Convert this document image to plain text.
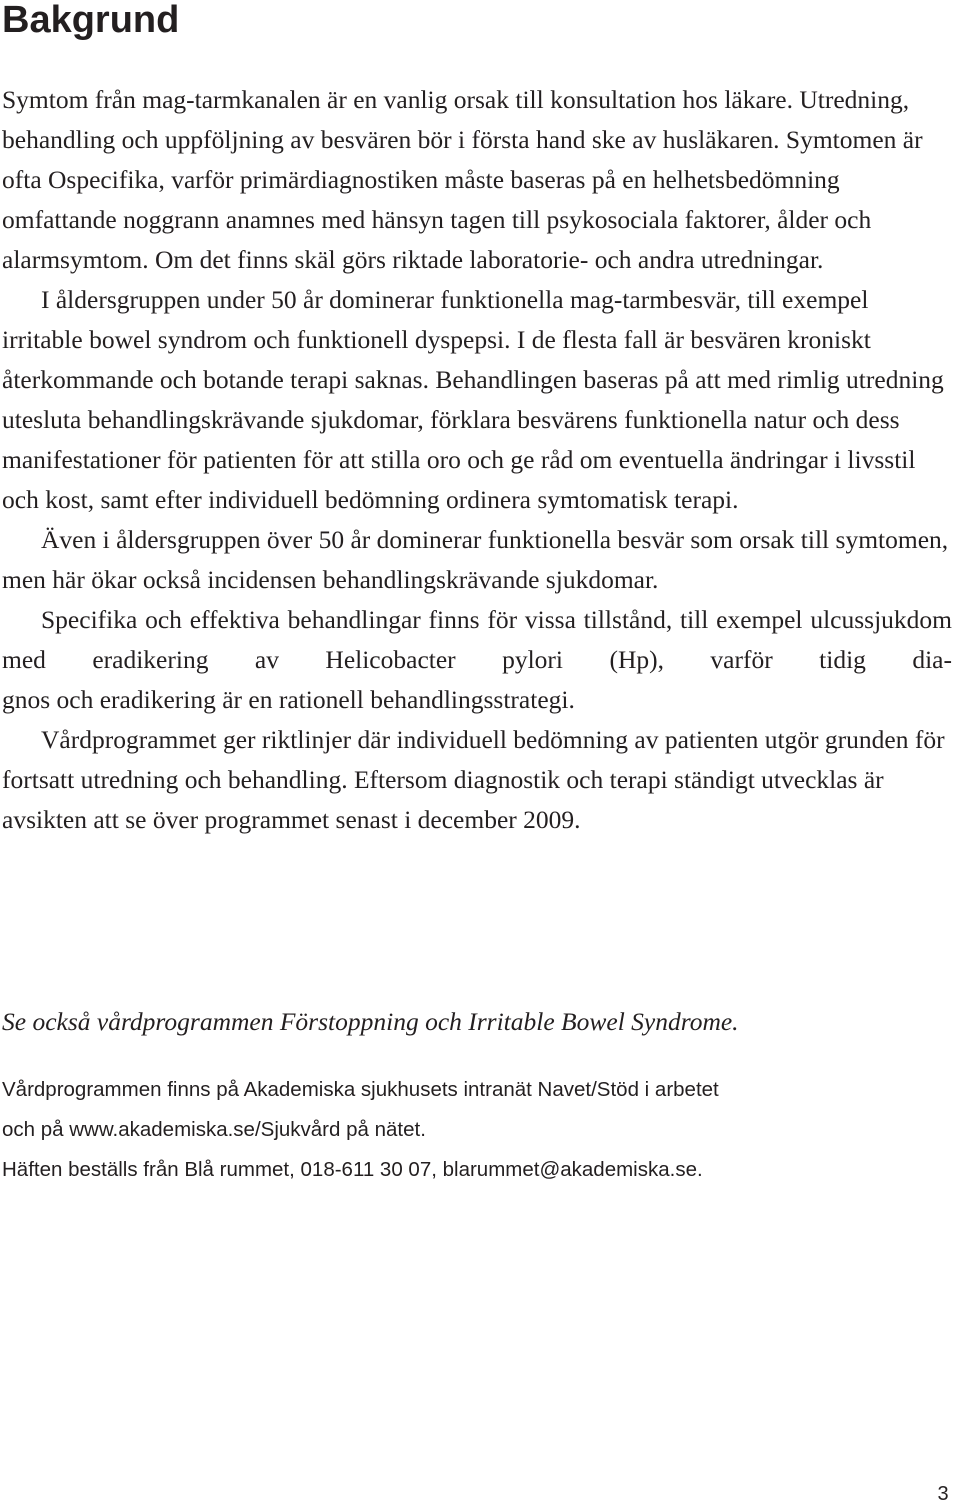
Bakgrund

Symtom från mag-tarmkanalen är en vanlig orsak till konsultation hos läkare. Utredning, behandling och uppföljning av besvären bör i första hand ske av husläkaren. Symtomen är ofta Ospecifika, varför primärdiagnostiken måste baseras på en helhetsbedömning omfattande noggrann anamnes med hänsyn tagen till psykosociala faktorer, ålder och alarmsymtom. Om det finns skäl görs riktade laboratorie- och andra utredningar.

I åldersgruppen under 50 år dominerar funktionella mag-tarmbesvär, till exempel irritable bowel syndrom och funktionell dyspepsi. I de flesta fall är besvären kroniskt återkommande och botande terapi saknas. Behandlingen baseras på att med rimlig utredning utesluta behandlingskrävande sjukdomar, förklara besvärens funktionella natur och dess manifestationer för patienten för att stilla oro och ge råd om eventuella ändringar i livsstil och kost, samt efter individuell bedömning ordinera symtomatisk terapi.

Även i åldersgruppen över 50 år dominerar funktionella besvär som orsak till symtomen, men här ökar också incidensen behandlingskrävande sjukdomar.

Specifika och effektiva behandlingar finns för vissa tillstånd, till exempel ulcussjukdom med eradikering av Helicobacter pylori (Hp), varför tidig dia-
gnos och eradikering är en rationell behandlingsstrategi.

Vårdprogrammet ger riktlinjer där individuell bedömning av patienten utgör grunden för fortsatt utredning och behandling. Eftersom diagnostik och terapi ständigt utvecklas är avsikten att se över programmet senast i december 2009.

Se också vårdprogrammen Förstoppning och Irritable Bowel Syndrome.

Vårdprogrammen finns på Akademiska sjukhusets intranät Navet/Stöd i arbetet

och på www.akademiska.se/Sjukvård på nätet.

Häften beställs från Blå rummet, 018-611 30 07, blarummet@akademiska.se.

3
